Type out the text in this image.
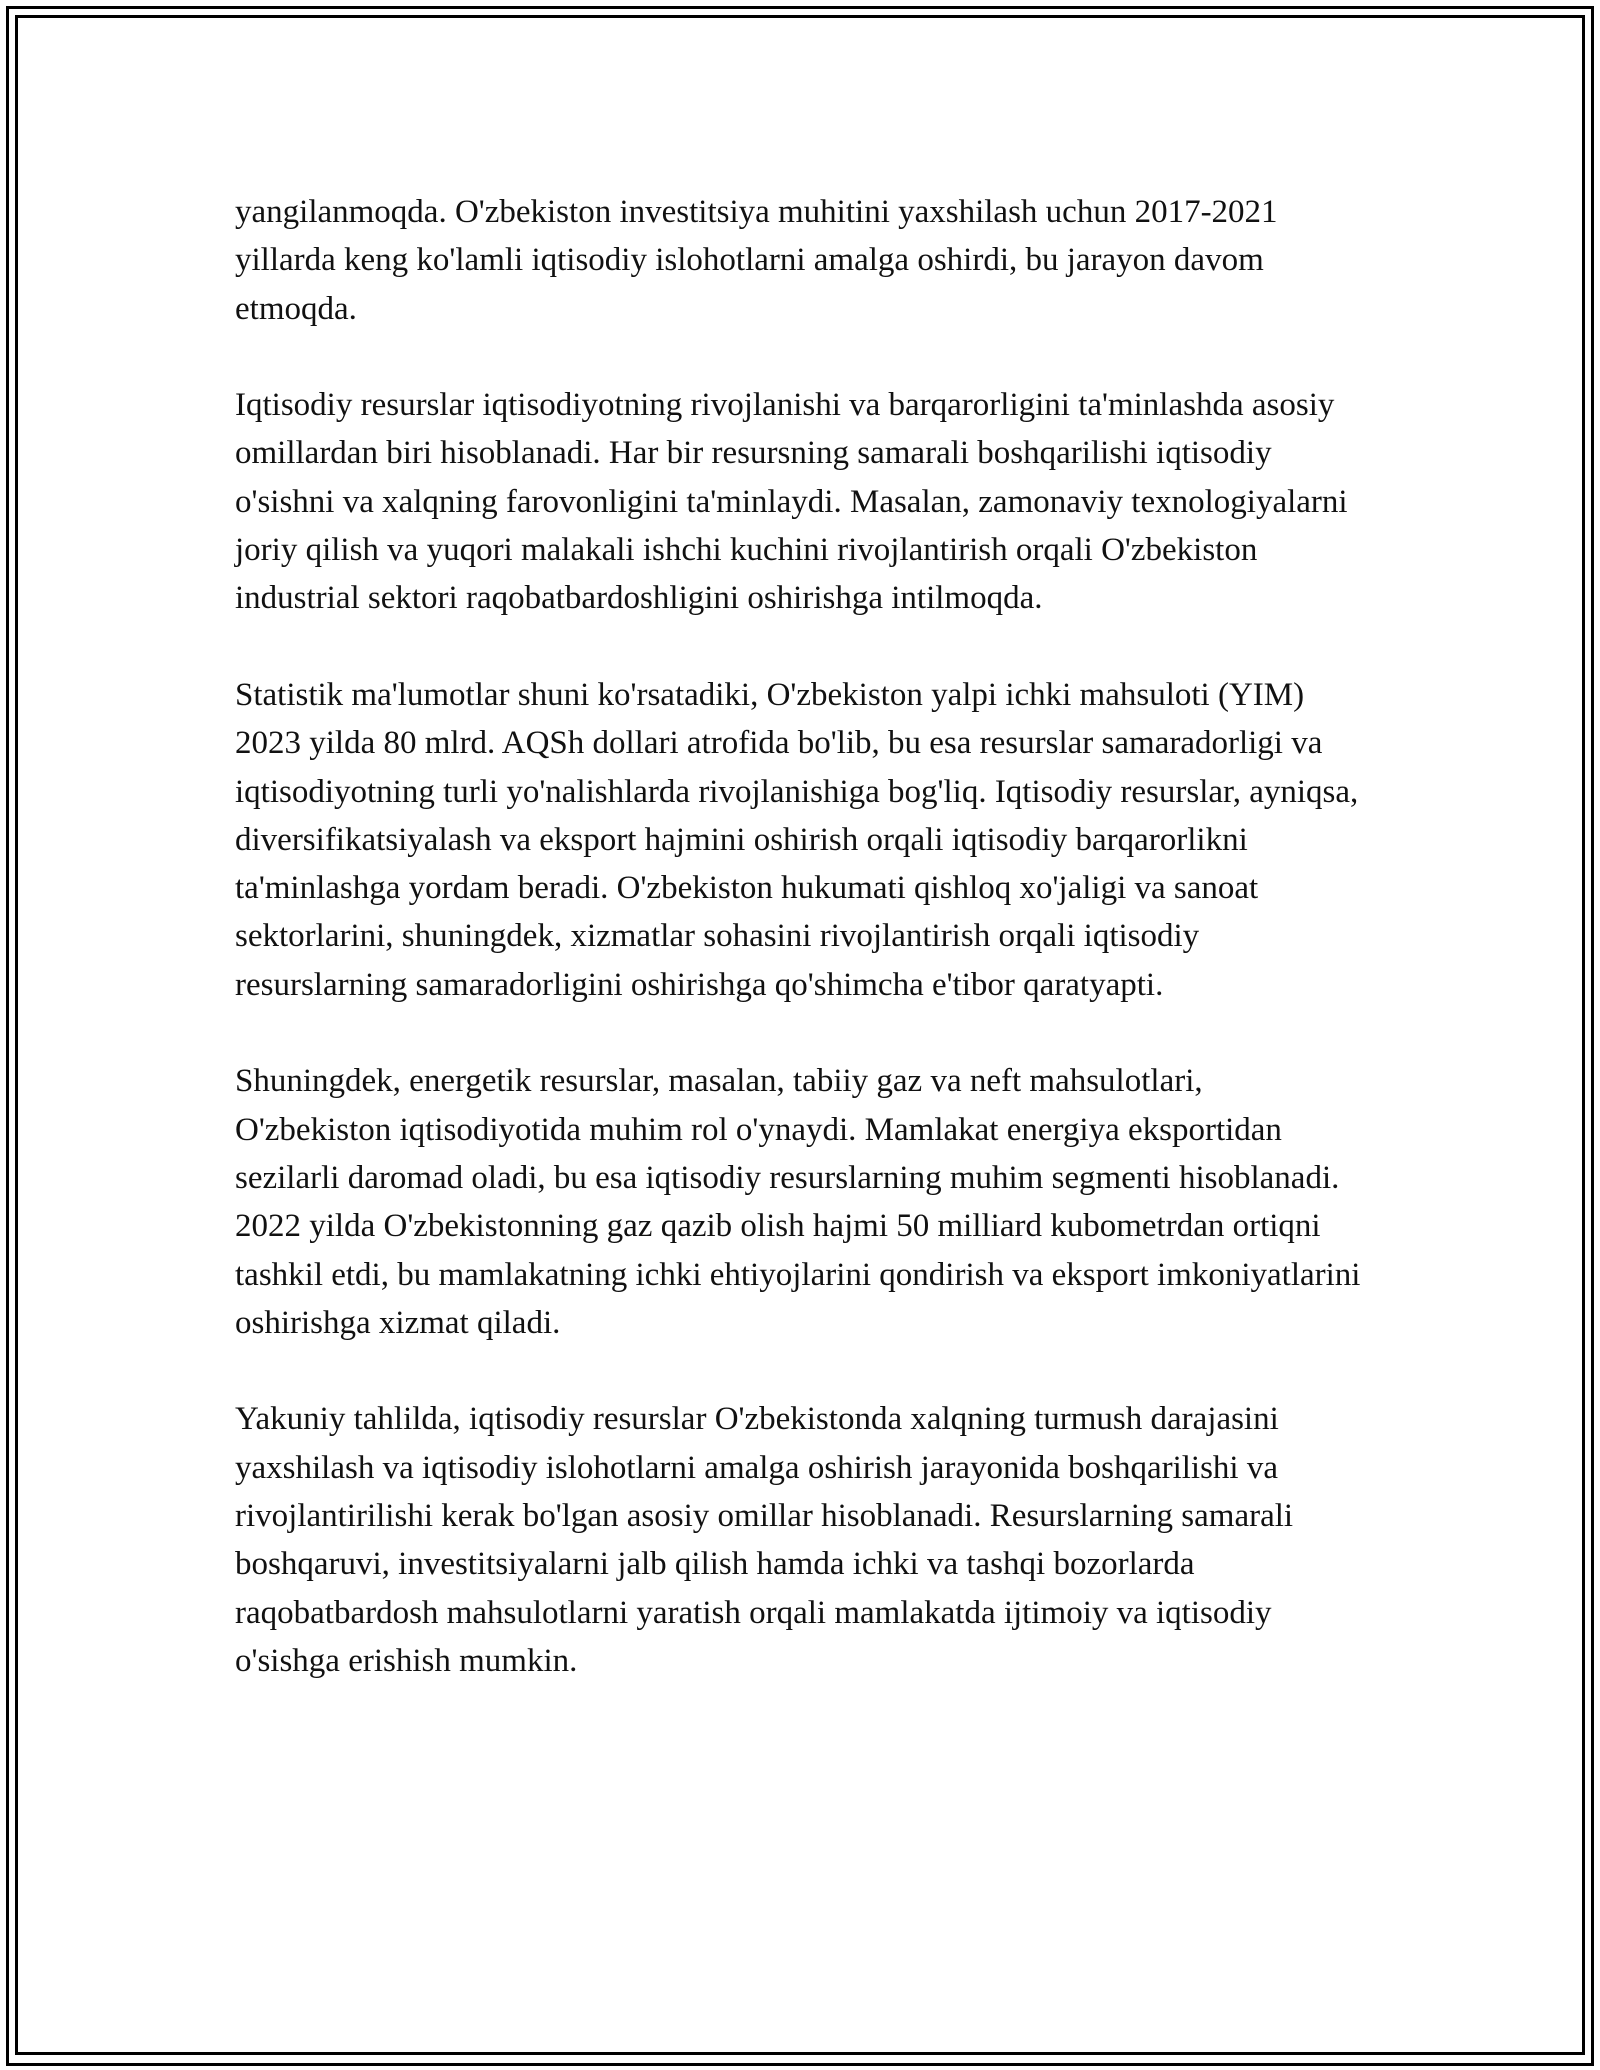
yangilanmoqda. O'zbekiston investitsiya muhitini yaxshilash uchun 2017-2021 yillarda keng ko'lamli iqtisodiy islohotlarni amalga oshirdi, bu jarayon davom etmoqda.

Iqtisodiy resurslar iqtisodiyotning rivojlanishi va barqarorligini ta'minlashda asosiy omillardan biri hisoblanadi. Har bir resursning samarali boshqarilishi iqtisodiy o'sishni va xalqning farovonligini ta'minlaydi. Masalan, zamonaviy texnologiyalarni joriy qilish va yuqori malakali ishchi kuchini rivojlantirish orqali O'zbekiston industrial sektori raqobatbardoshligini oshirishga intilmoqda.

Statistik ma'lumotlar shuni ko'rsatadiki, O'zbekiston yalpi ichki mahsuloti (YIM) 2023 yilda 80 mlrd. AQSh dollari atrofida bo'lib, bu esa resurslar samaradorligi va iqtisodiyotning turli yo'nalishlarda rivojlanishiga bog'liq. Iqtisodiy resurslar, ayniqsa, diversifikatsiyalash va eksport hajmini oshirish orqali iqtisodiy barqarorlikni ta'minlashga yordam beradi. O'zbekiston hukumati qishloq xo'jaligi va sanoat sektorlarini, shuningdek, xizmatlar sohasini rivojlantirish orqali iqtisodiy resurslarning samaradorligini oshirishga qo'shimcha e'tibor qaratyapti.

Shuningdek, energetik resurslar, masalan, tabiiy gaz va neft mahsulotlari, O'zbekiston iqtisodiyotida muhim rol o'ynaydi. Mamlakat energiya eksportidan sezilarli daromad oladi, bu esa iqtisodiy resurslarning muhim segmenti hisoblanadi. 2022 yilda O'zbekistonning gaz qazib olish hajmi 50 milliard kubometrdan ortiqni tashkil etdi, bu mamlakatning ichki ehtiyojlarini qondirish va eksport imkoniyatlarini oshirishga xizmat qiladi.

Yakuniy tahlilda, iqtisodiy resurslar O'zbekistonda xalqning turmush darajasini yaxshilash va iqtisodiy islohotlarni amalga oshirish jarayonida boshqarilishi va rivojlantirilishi kerak bo'lgan asosiy omillar hisoblanadi. Resurslarning samarali boshqaruvi, investitsiyalarni jalb qilish hamda ichki va tashqi bozorlarda raqobatbardosh mahsulotlarni yaratish orqali mamlakatda ijtimoiy va iqtisodiy o'sishga erishish mumkin.
